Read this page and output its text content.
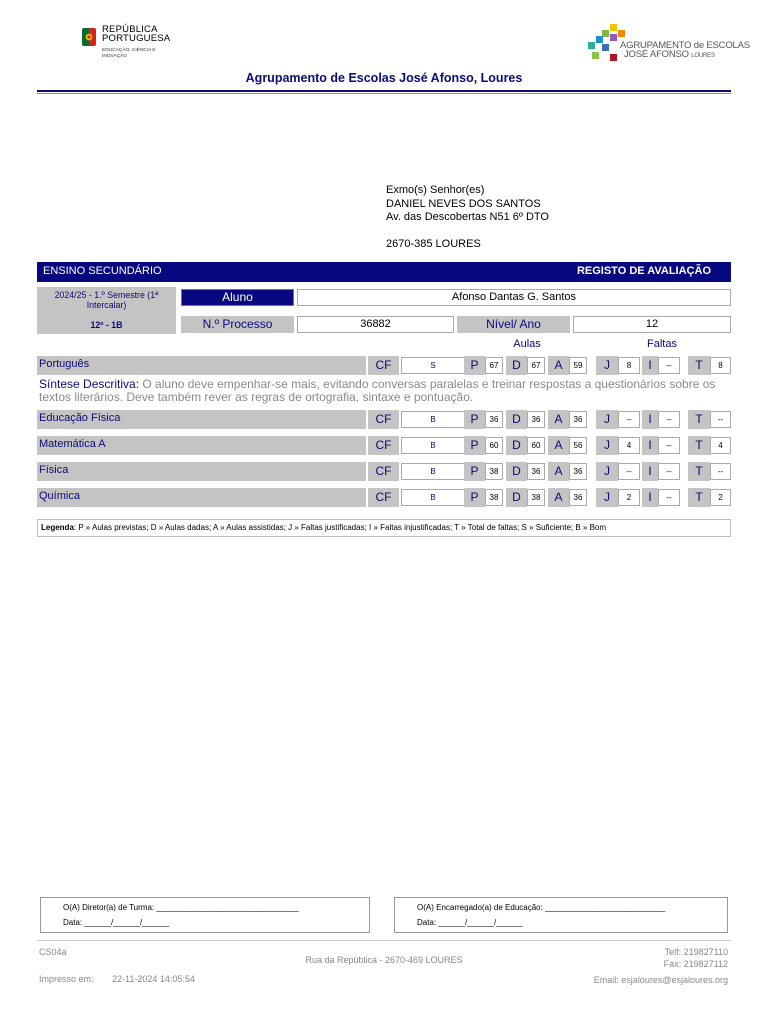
REPÚBLICA
PORTUGUESA
EDUCAÇÃO, CIÊNCIA E INOVAÇÃO
AGRUPAMENTO de ESCOLAS
JOSÉ AFONSO LOURES
Agrupamento de Escolas José Afonso, Loures
Exmo(s) Senhor(es)
DANIEL NEVES DOS SANTOS
Av. das Descobertas N51 6º DTO
2670-385 LOURES
ENSINO SECUNDÁRIO	REGISTO DE AVALIAÇÃO
2024/25 - 1.º Semestre (1ª Intercalar)
12º - 1B
Aluno	Afonso Dantas G. Santos
N.º Processo	36882	Nível/ Ano	12
Aulas	Faltas
Português	CF	S	P	67	D	67	A	59	J	8	I	--	T	8
Educação Física	CF	B	P	36	D	36	A	36	J	--	I	--	T	--
Matemática A	CF	B	P	60	D	60	A	56	J	4	I	--	T	4
Física	CF	B	P	38	D	36	A	36	J	--	I	--	T	--
Química	CF	B	P	38	D	38	A	36	J	2	I	--	T	2
Síntese Descritiva: O aluno deve empenhar-se mais, evitando conversas paralelas e treinar respostas a questionários sobre os textos literários. Deve também rever as regras de ortografia, sintaxe e pontuação.
Legenda: P » Aulas previstas; D » Aulas dadas; A » Aulas assistidas; J » Faltas justificadas; I » Faltas injustificadas; T » Total de faltas; S » Suficiente; B » Bom
O(A) Diretor(a) de Turma: ________________________________
Data: ______/______/______
O(A) Encarregado(a) de Educação: ___________________________
Data: ______/______/______
CS04a
Impresso em: 22-11-2024 14:05:54
Rua da República - 2670-469 LOURES
Telf: 219827110
Fax: 219827112
Email: esjaloures@esjaloures.org
